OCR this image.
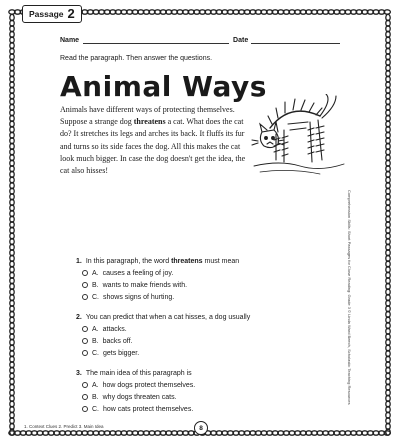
Passage 2
Name	Date
Read the paragraph. Then answer the questions.
Animal Ways
Animals have different ways of protecting themselves. Suppose a strange dog threatens a cat. What does the cat do? It stretches its legs and arches its back. It fluffs its fur and turns so its side faces the dog. All this makes the cat look much bigger. In case the dog doesn't get the idea, the cat also hisses!
1. In this paragraph, the word threatens must mean
A. causes a feeling of joy.
B. wants to make friends with.
C. shows signs of hurting.
2. You can predict that when a cat hisses, a dog usually
A. attacks.
B. backs off.
C. gets bigger.
3. The main idea of this paragraph is
A. how dogs protect themselves.
B. why dogs threaten cats.
C. how cats protect themselves.
1. Context Clues 2. Predict 3. Main Idea	8
Comprehension Skills: Short Passages for Close Reading: Grade 3 © Linda Ward Beech, Scholastic Teaching Resources
